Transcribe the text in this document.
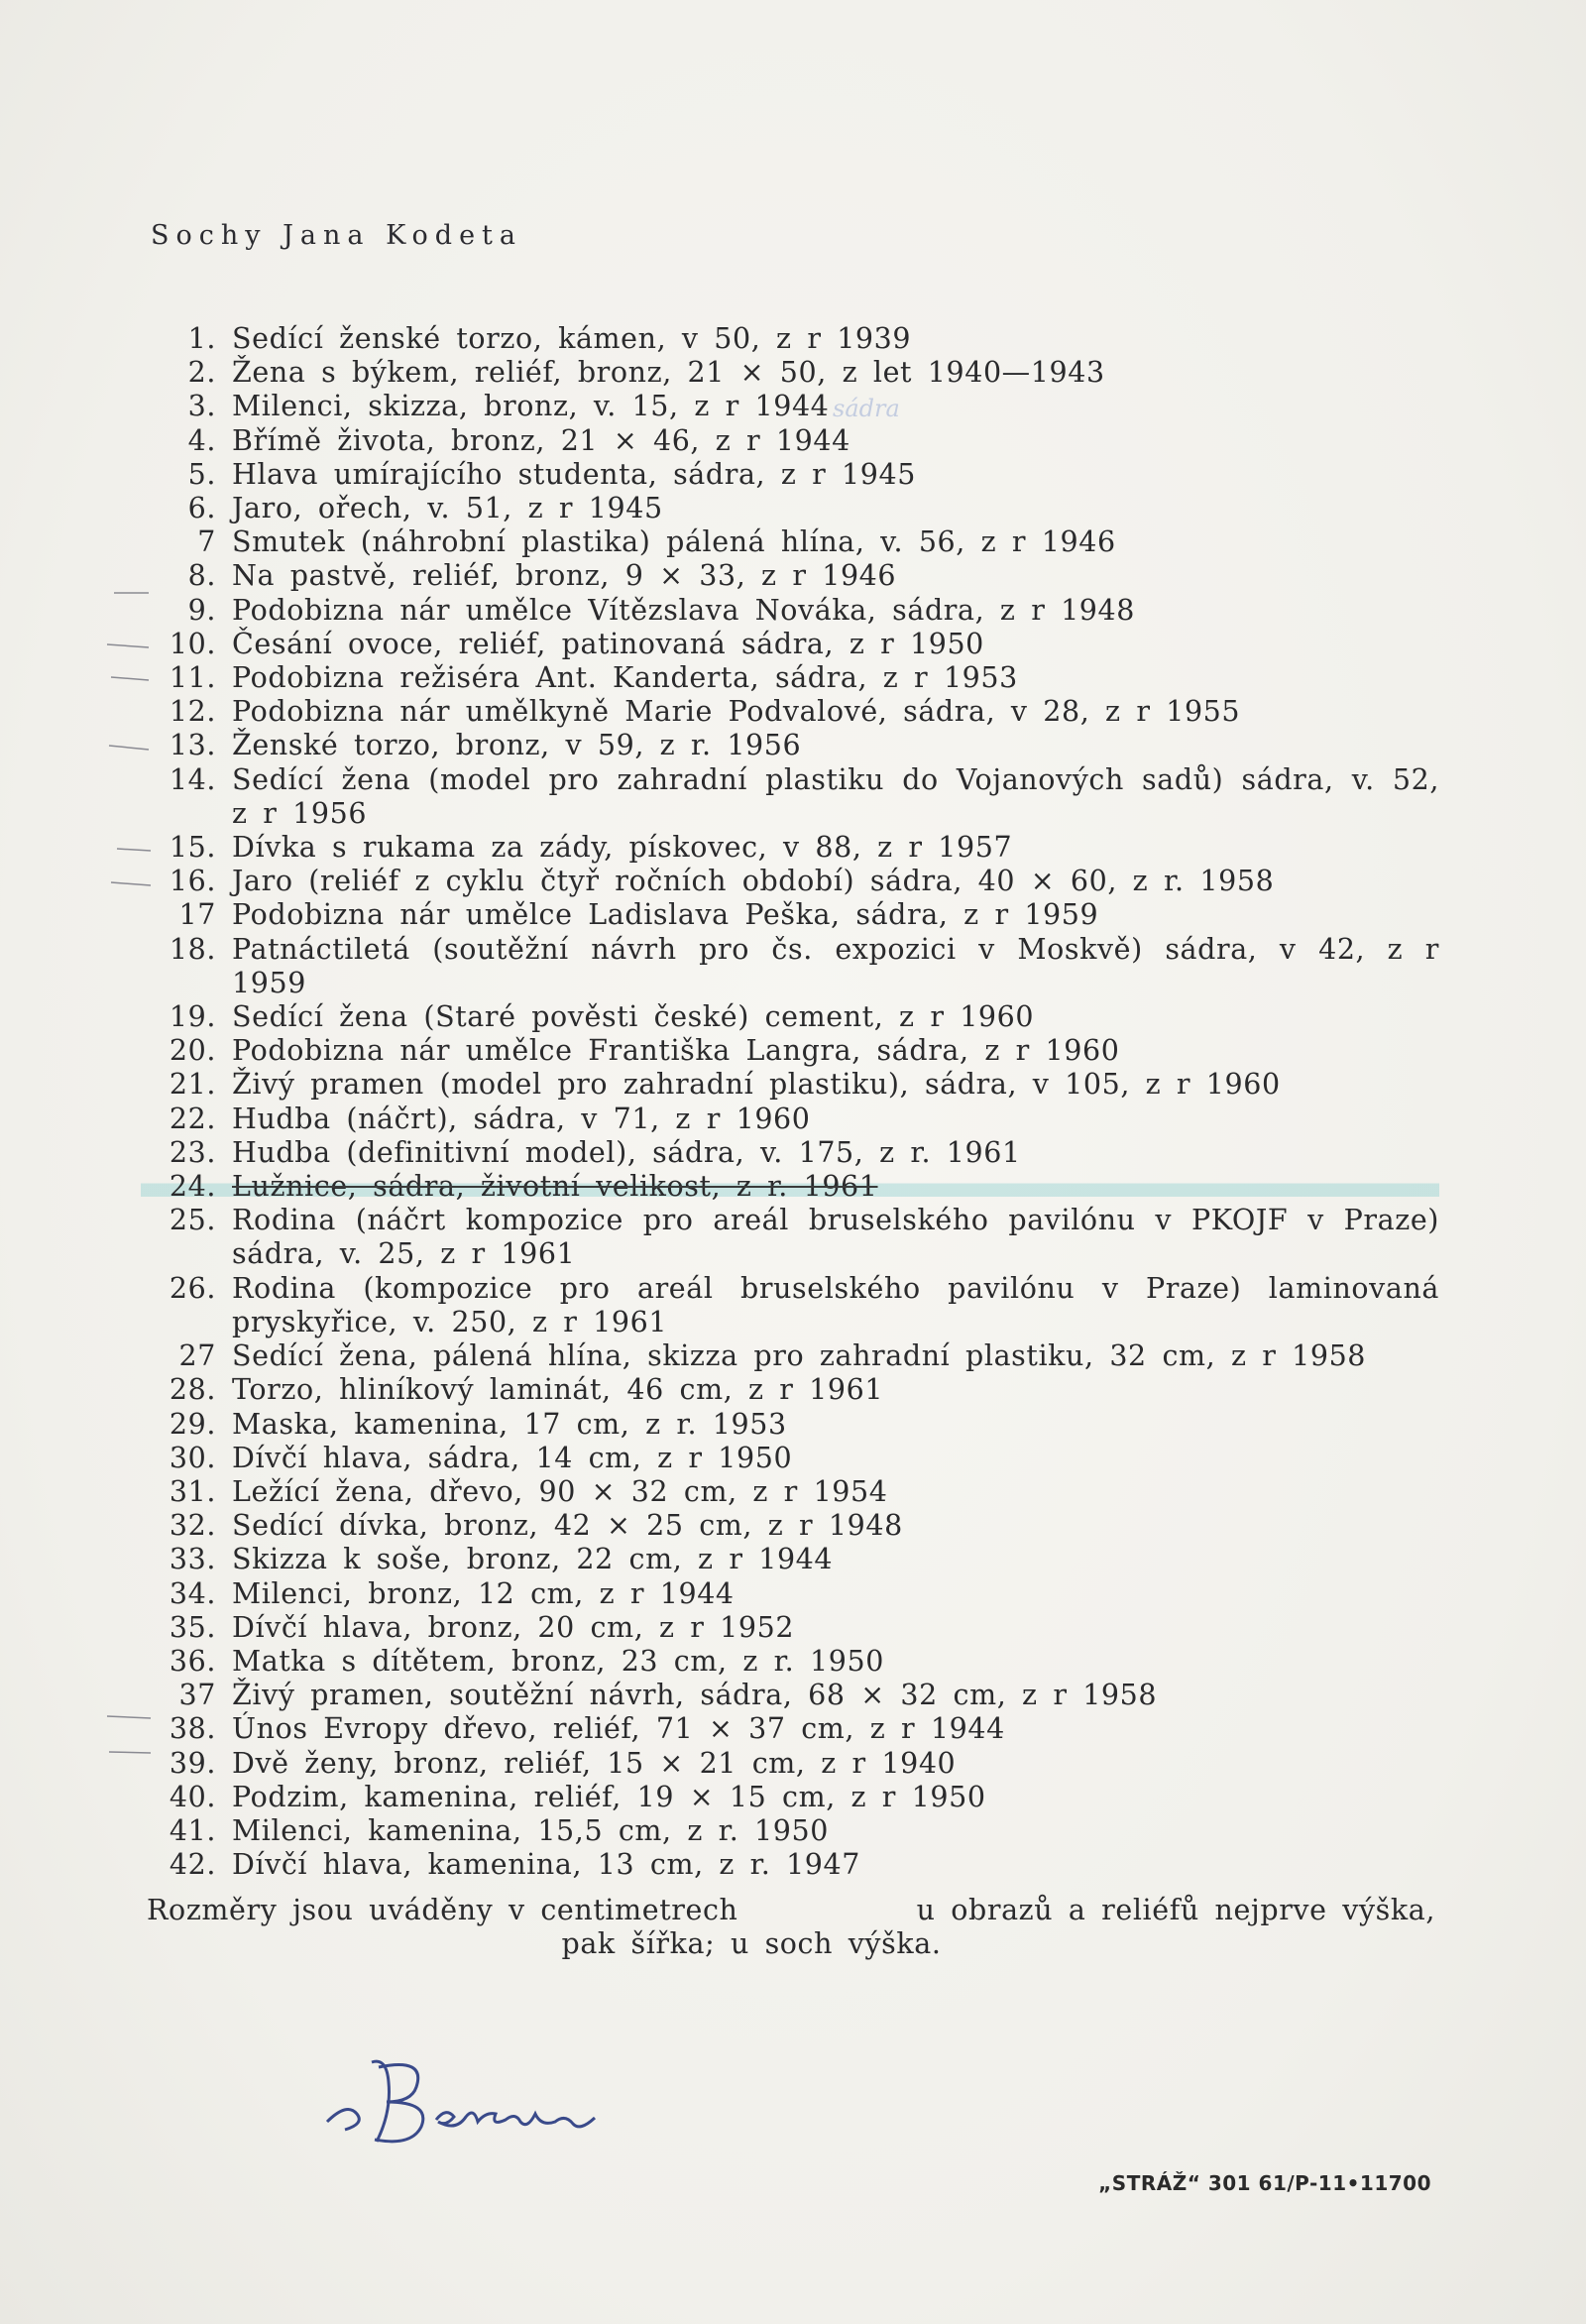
Sochy Jana Kodeta
1. Sedící ženské torzo, kámen, v 50, z r 1939
2. Žena s býkem, reliéf, bronz, 21 × 50, z let 1940—1943
3. Milenci, skizza, bronz, v. 15, z r 1944
4. Břímě života, bronz, 21 × 46, z r 1944
5. Hlava umírajícího studenta, sádra, z r 1945
6. Jaro, ořech, v. 51, z r 1945
7 Smutek (náhrobní plastika) pálená hlína, v. 56, z r 1946
8. Na pastvě, reliéf, bronz, 9 × 33, z r 1946
9. Podobizna nár umělce Vítězslava Nováka, sádra, z r 1948
10. Česání ovoce, reliéf, patinovaná sádra, z r 1950
11. Podobizna režiséra Ant. Kanderta, sádra, z r 1953
12. Podobizna nár umělkyně Marie Podvalové, sádra, v 28, z r 1955
13. Ženské torzo, bronz, v 59, z r. 1956
14. Sedící žena (model pro zahradní plastiku do Vojanových sadů) sádra, v. 52, z r 1956
15. Dívka s rukama za zády, pískovec, v 88, z r 1957
16. Jaro (reliéf z cyklu čtyř ročních období) sádra, 40 × 60, z r. 1958
17 Podobizna nár umělce Ladislava Peška, sádra, z r 1959
18. Patnáctiletá (soutěžní návrh pro čs. expozici v Moskvě) sádra, v 42, z r 1959
19. Sedící žena (Staré pověsti české) cement, z r 1960
20. Podobizna nár umělce Františka Langra, sádra, z r 1960
21. Živý pramen (model pro zahradní plastiku), sádra, v 105, z r 1960
22. Hudba (náčrt), sádra, v 71, z r 1960
23. Hudba (definitivní model), sádra, v. 175, z r. 1961
24. Lužnice, sádra, životní velikost, z r. 1961
25. Rodina (náčrt kompozice pro areál bruselského pavilónu v PKOJF v Praze) sádra, v. 25, z r 1961
26. Rodina (kompozice pro areál bruselského pavilónu v Praze) laminovaná pryskyřice, v. 250, z r 1961
27 Sedící žena, pálená hlína, skizza pro zahradní plastiku, 32 cm, z r 1958
28. Torzo, hliníkový laminát, 46 cm, z r 1961
29. Maska, kamenina, 17 cm, z r. 1953
30. Dívčí hlava, sádra, 14 cm, z r 1950
31. Ležící žena, dřevo, 90 × 32 cm, z r 1954
32. Sedící dívka, bronz, 42 × 25 cm, z r 1948
33. Skizza k soše, bronz, 22 cm, z r 1944
34. Milenci, bronz, 12 cm, z r 1944
35. Dívčí hlava, bronz, 20 cm, z r 1952
36. Matka s dítětem, bronz, 23 cm, z r. 1950
37 Živý pramen, soutěžní návrh, sádra, 68 × 32 cm, z r 1958
38. Únos Evropy dřevo, reliéf, 71 × 37 cm, z r 1944
39. Dvě ženy, bronz, reliéf, 15 × 21 cm, z r 1940
40. Podzim, kamenina, reliéf, 19 × 15 cm, z r 1950
41. Milenci, kamenina, 15,5 cm, z r. 1950
42. Dívčí hlava, kamenina, 13 cm, z r. 1947
sádra
Rozměry jsou uváděny v centimetrech	u obrazů a reliéfů nejprve výška,
pak šířka; u soch výška.
„STRÁŽ“ 301 61/P-11•11700
